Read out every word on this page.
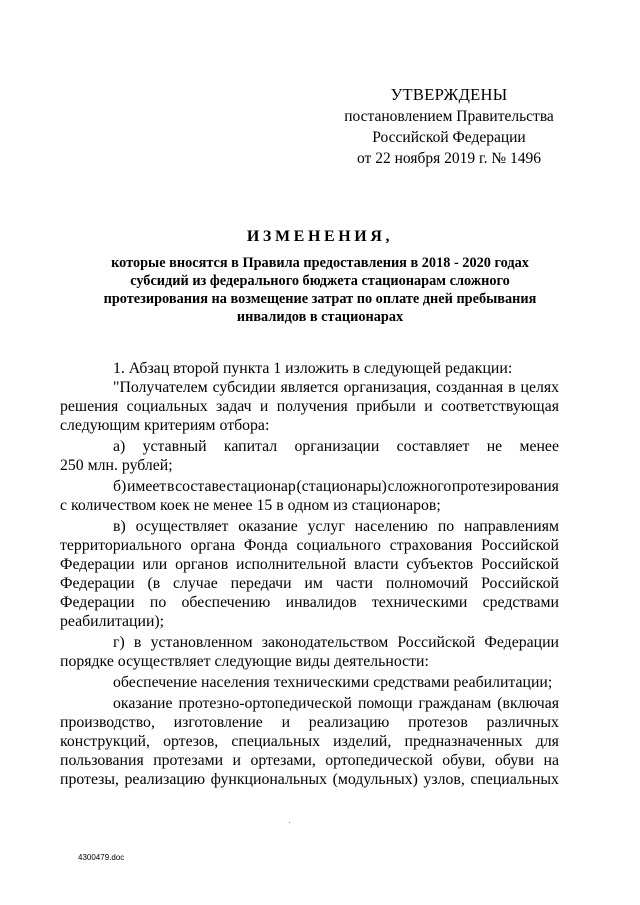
УТВЕРЖДЕНЫ
постановлением Правительства
Российской Федерации
от 22 ноября 2019 г. № 1496
ИЗМЕНЕНИЯ,
которые вносятся в Правила предоставления в 2018 - 2020 годах
субсидий из федерального бюджета стационарам сложного
протезирования на возмещение затрат по оплате дней пребывания
инвалидов в стационарах
1. Абзац второй пункта 1 изложить в следующей редакции:
"Получателем субсидии является организация, созданная в целях
решения социальных задач и получения прибыли и соответствующая
следующим критериям отбора:
а) уставный капитал организации составляет не менее
250 млн. рублей;
б) имеет в составе стационар (стационары) сложного протезирования
с количеством коек не менее 15 в одном из стационаров;
в) осуществляет оказание услуг населению по направлениям
территориального органа Фонда социального страхования Российской
Федерации или органов исполнительной власти субъектов Российской
Федерации (в случае передачи им части полномочий Российской
Федерации по обеспечению инвалидов техническими средствами
реабилитации);
г) в установленном законодательством Российской Федерации
порядке осуществляет следующие виды деятельности:
обеспечение населения техническими средствами реабилитации;
оказание протезно-ортопедической помощи гражданам (включая
производство, изготовление и реализацию протезов различных
конструкций, ортезов, специальных изделий, предназначенных для
пользования протезами и ортезами, ортопедической обуви, обуви на
протезы, реализацию функциональных (модульных) узлов, специальных
4300479.doc
